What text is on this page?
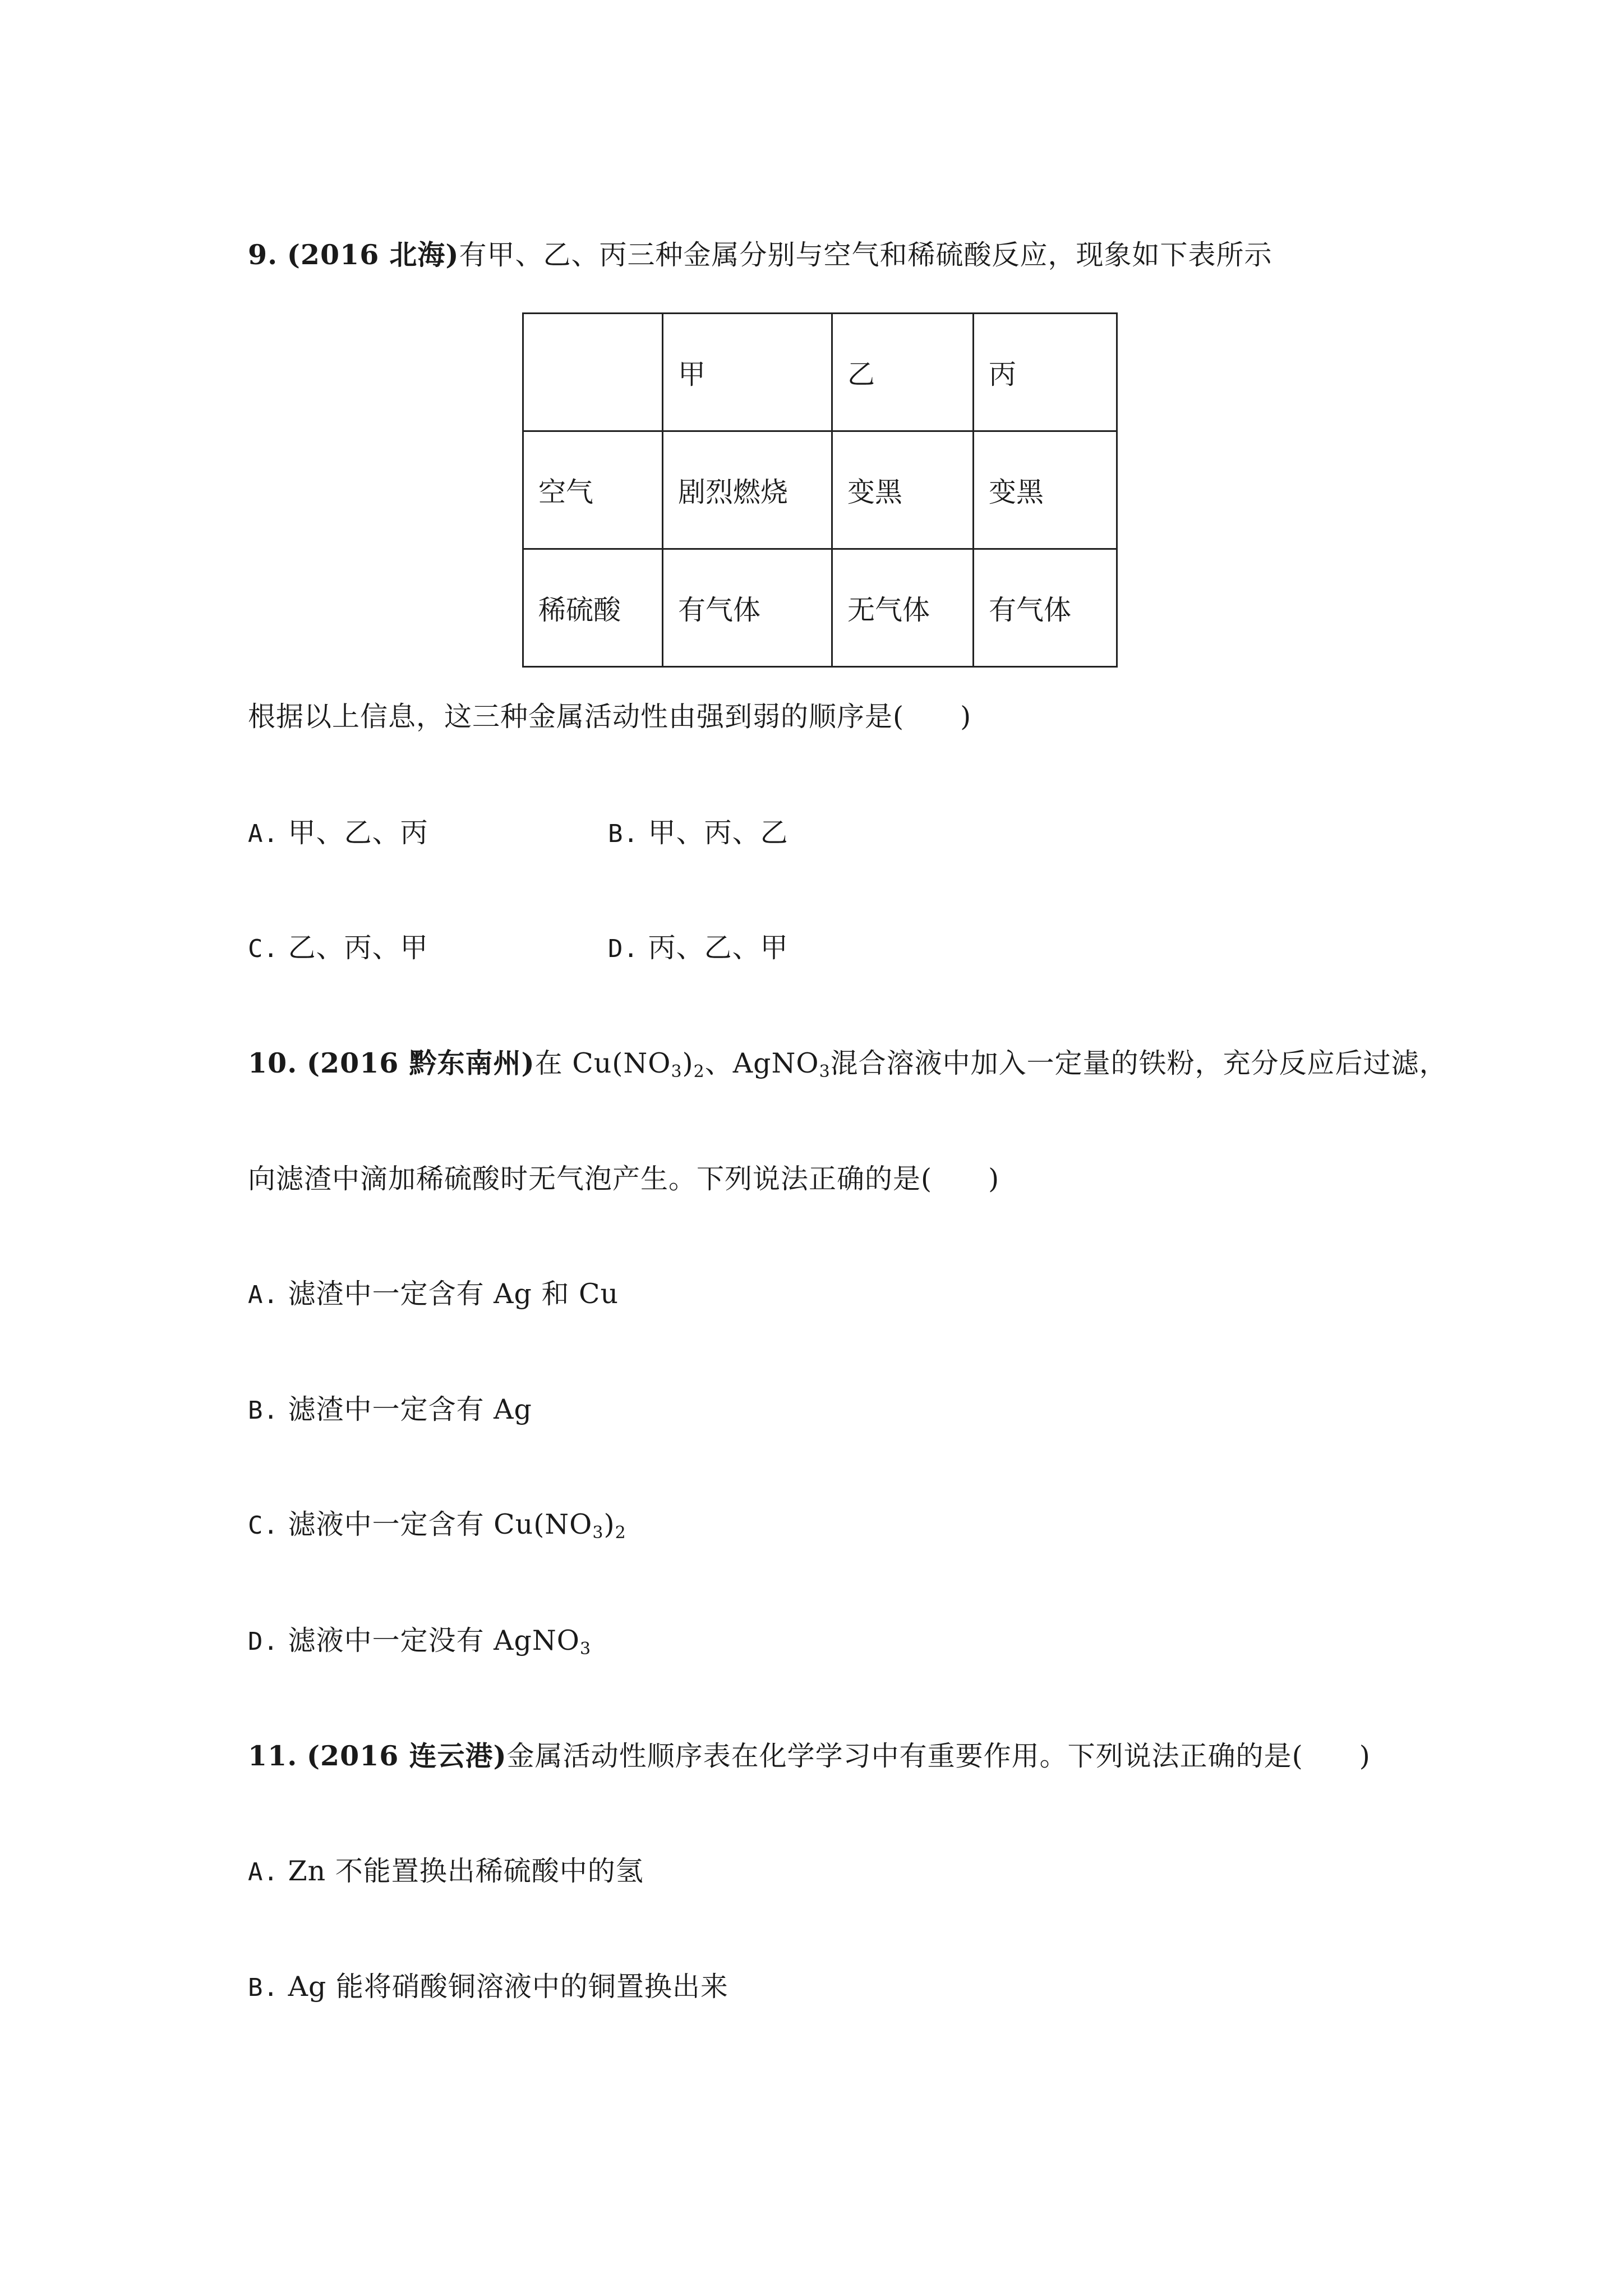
9. (2016 北海)有甲、乙、丙三种金属分别与空气和稀硫酸反应，现象如下表所示
	甲	乙	丙
空气	剧烈燃烧	变黑	变黑
稀硫酸	有气体	无气体	有气体
根据以上信息，这三种金属活动性由强到弱的顺序是(　　)
A. 甲、乙、丙	B. 甲、丙、乙
C. 乙、丙、甲	D. 丙、乙、甲
10. (2016 黔东南州)在 $Cu(NO_3)_2$、AgNO$_3$混合溶液中加入一定量的铁粉，充分反应后过滤，
向滤渣中滴加稀硫酸时无气泡产生。下列说法正确的是(　　)
A. 滤渣中一定含有 Ag 和 Cu
B. 滤渣中一定含有 Ag
C. 滤液中一定含有 $Cu(NO_3)_2$
D. 滤液中一定没有 AgNO$_3$
11. (2016 连云港)金属活动性顺序表在化学学习中有重要作用。下列说法正确的是(　　)
A. Zn 不能置换出稀硫酸中的氢
B. Ag 能将硝酸铜溶液中的铜置换出来
